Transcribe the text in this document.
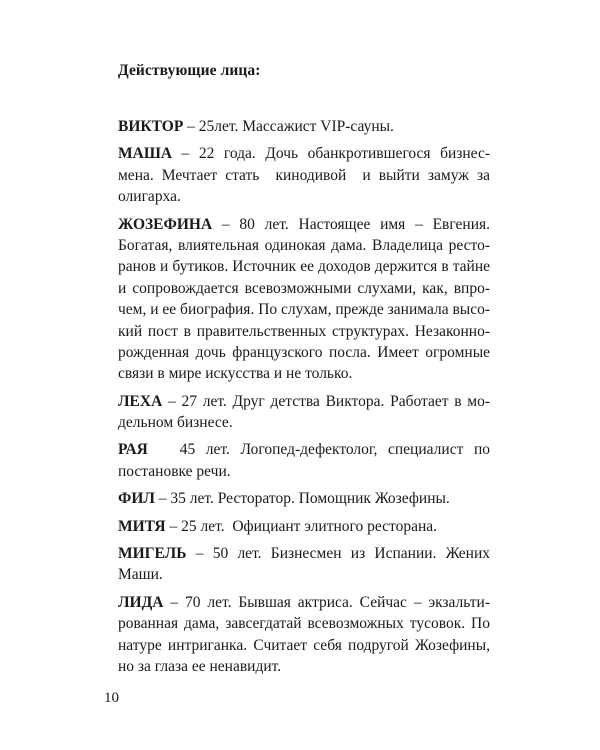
Действующие лица:
ВИКТОР – 25лет. Массажист VIP-сауны.
МАША – 22 года. Дочь обанкротившегося бизнес-
мена. Мечтает стать  кинодивой  и выйти замуж за
олигарха.
ЖОЗЕФИНА – 80 лет. Настоящее имя – Евгения.
Богатая, влиятельная одинокая дама. Владелица ресто-
ранов и бутиков. Источник ее доходов держится в тайне
и сопровождается всевозможными слухами, как, впро-
чем, и ее биография. По слухам, прежде занимала высо-
кий пост в правительственных структурах. Незаконно-
рожденная дочь французского посла. Имеет огромные
связи в мире искусства и не только.
ЛЕХА – 27 лет. Друг детства Виктора. Работает в мо-
дельном бизнесе.
РАЯ   45 лет. Логопед-дефектолог, специалист по
постановке речи.
ФИЛ – 35 лет. Ресторатор. Помощник Жозефины.
МИТЯ – 25 лет.  Официант элитного ресторана.
МИГЕЛЬ – 50 лет. Бизнесмен из Испании. Жених
Маши.
ЛИДА – 70 лет. Бывшая актриса. Сейчас – экзальти-
рованная дама, завсегдатай всевозможных тусовок. По
натуре интриганка. Считает себя подругой Жозефины,
но за глаза ее ненавидит.
10
